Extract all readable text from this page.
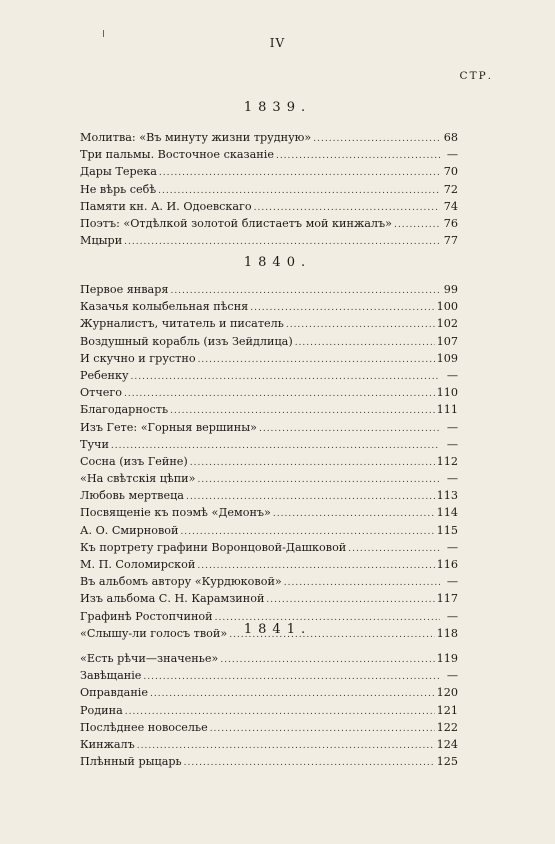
IV
СТР.
1839.
Молитва: «Въ минуту жизни трудную» .....	68
Три пальмы. Восточное сказаніе .....	—
Дары Терека .....	70
Не вѣрь себѣ .....	72
Памяти кн. А. И. Одоевскаго .....	74
Поэтъ: «Отдѣлкой золотой блистаетъ мой кинжалъ» .....	76
Мцыри .....	77
1840.
Первое января .....	99
Казачья колыбельная пѣсня .....	100
Журналистъ, читатель и писатель .....	102
Воздушный корабль (изъ Зейдлица) .....	107
И скучно и грустно .....	109
Ребенку .....	—
Отчего .....	110
Благодарность .....	111
Изъ Гете: «Горныя вершины» .....	—
Тучи .....	—
Сосна (изъ Гейне) .....	112
«На свѣтскія цѣпи» .....	—
Любовь мертвеца .....	113
Посвященіе къ поэмѣ «Демонъ» .....	114
А. О. Смирновой .....	115
Къ портрету графини Воронцовой-Дашковой .....	—
М. П. Соломирской .....	116
Въ альбомъ автору «Курдюковой» .....	—
Изъ альбома С. Н. Карамзиной .....	117
Графинѣ Ростопчиной .....	—
«Слышу-ли голосъ твой» .....	118
1841.
«Есть рѣчи—значенье» .....	119
Завѣщаніе .....	—
Оправданіе .....	120
Родина .....	121
Послѣднее новоселье .....	122
Кинжалъ .....	124
Плѣнный рыцарь .....	125
